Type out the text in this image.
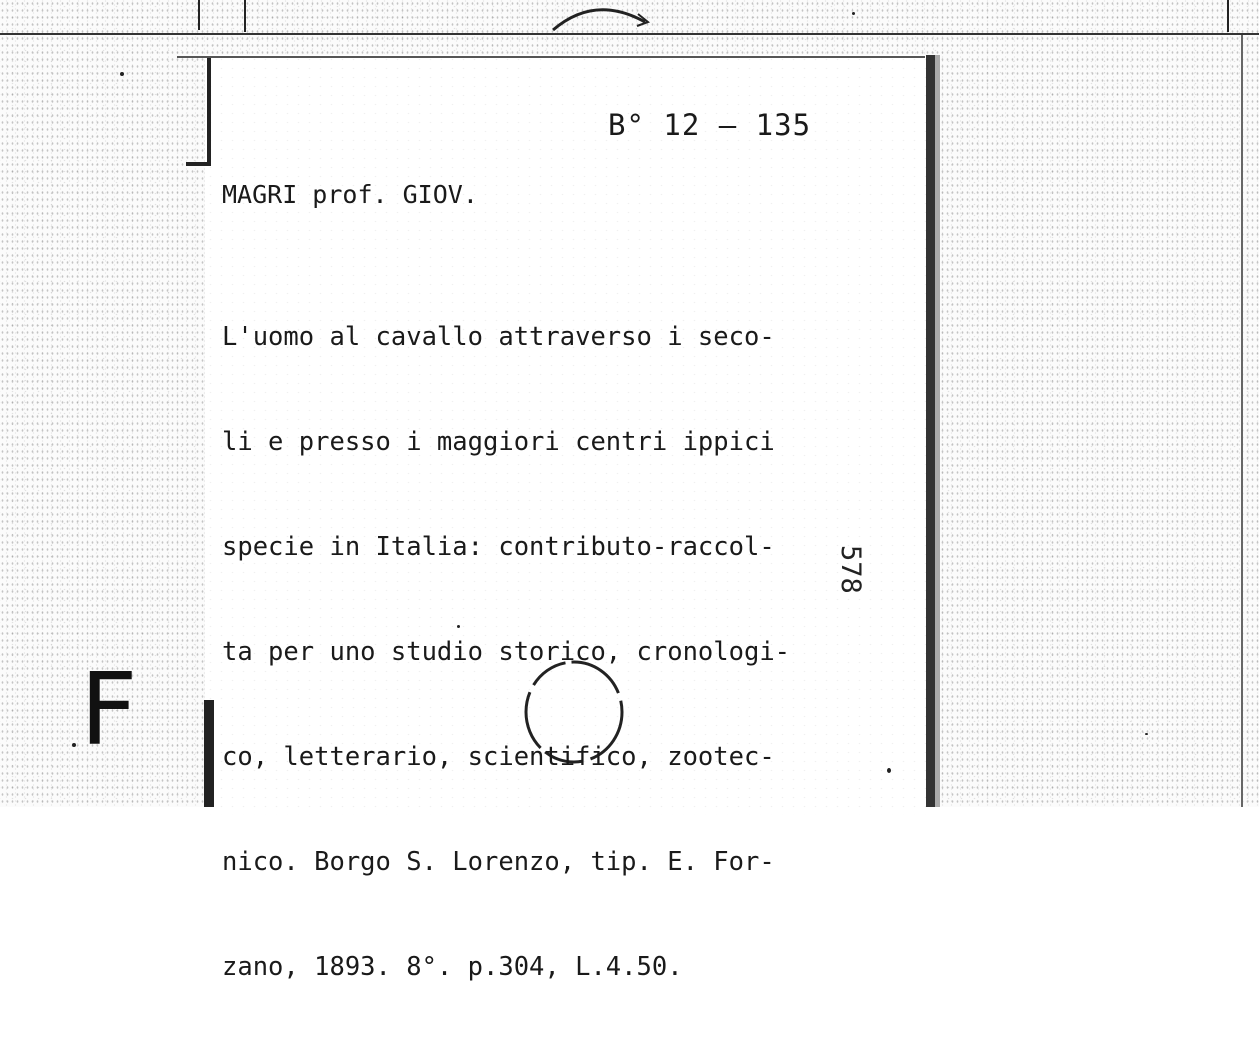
B° 12 — 135
MAGRI prof. GIOV.

L'uomo al cavallo attraverso i seco-

li e presso i maggiori centri ippici

specie in Italia: contributo-raccol-

ta per uno studio storico, cronologi-

co, letterario, scientifico, zootec-

nico. Borgo S. Lorenzo, tip. E. For-

zano, 1893. 8°. p.304, L.4.50.

578
F
